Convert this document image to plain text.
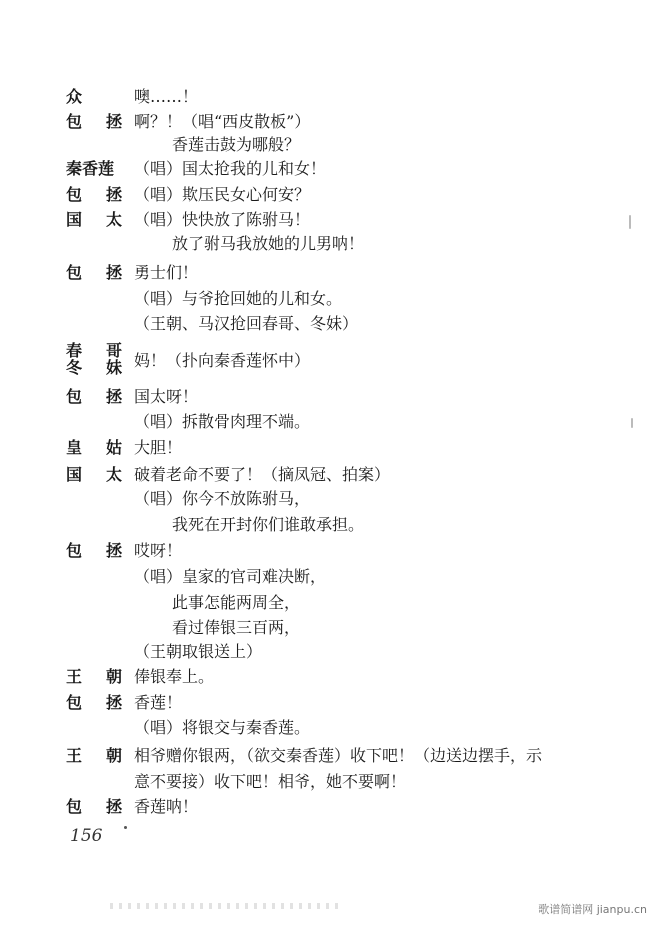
众	噢……！
包 拯 啊？！（唱“西皮散板”）
香莲击鼓为哪般？
秦香莲	（唱）国太抢我的儿和女！
包 拯 （唱）欺压民女心何安？
国 太 （唱）快快放了陈驸马！
放了驸马我放她的儿男呐！
包 拯 勇士们！
（唱）与爷抢回她的儿和女。
（王朝、马汉抢回春哥、冬妹）
春 哥
冬 妹 妈！（扑向秦香莲怀中）
包 拯 国太呀！
（唱）拆散骨肉理不端。
皇 姑 大胆！
国 太 破着老命不要了！（摘凤冠、拍案）
（唱）你今不放陈驸马，
我死在开封你们谁敢承担。
包 拯 哎呀！
（唱）皇家的官司难决断，
此事怎能两周全，
看过俸银三百两，
（王朝取银送上）
王 朝 俸银奉上。
包 拯 香莲！
（唱）将银交与秦香莲。
王 朝 相爷赠你银两，（欲交秦香莲）收下吧！（边送边摆手，示
意不要接）收下吧！相爷，她不要啊！
包 拯 香莲呐！
156
歌谱简谱网 jianpu.cn
